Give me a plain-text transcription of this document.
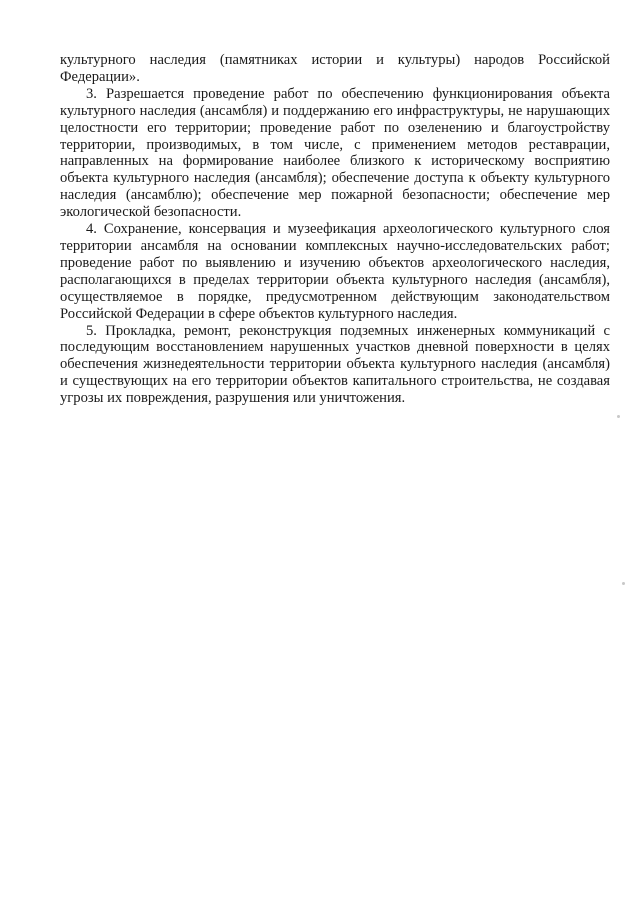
культурного наследия (памятниках истории и культуры) народов Российской Федерации».

3. Разрешается проведение работ по обеспечению функционирования объекта культурного наследия (ансамбля) и поддержанию его инфраструктуры, не нарушающих целостности его территории; проведение работ по озеленению и благоустройству территории, производимых, в том числе, с применением методов реставрации, направленных на формирование наиболее близкого к историческому восприятию объекта культурного наследия (ансамбля); обеспечение доступа к объекту культурного наследия (ансамблю); обеспечение мер пожарной безопасности; обеспечение мер экологической безопасности.

4. Сохранение, консервация и музеефикация археологического культурного слоя территории ансамбля на основании комплексных научно-исследовательских работ; проведение работ по выявлению и изучению объектов археологического наследия, располагающихся в пределах территории объекта культурного наследия (ансамбля), осуществляемое в порядке, предусмотренном действующим законодательством Российской Федерации в сфере объектов культурного наследия.

5. Прокладка, ремонт, реконструкция подземных инженерных коммуникаций с последующим восстановлением нарушенных участков дневной поверхности в целях обеспечения жизнедеятельности территории объекта культурного наследия (ансамбля) и существующих на его территории объектов капитального строительства, не создавая угрозы их повреждения, разрушения или уничтожения.
